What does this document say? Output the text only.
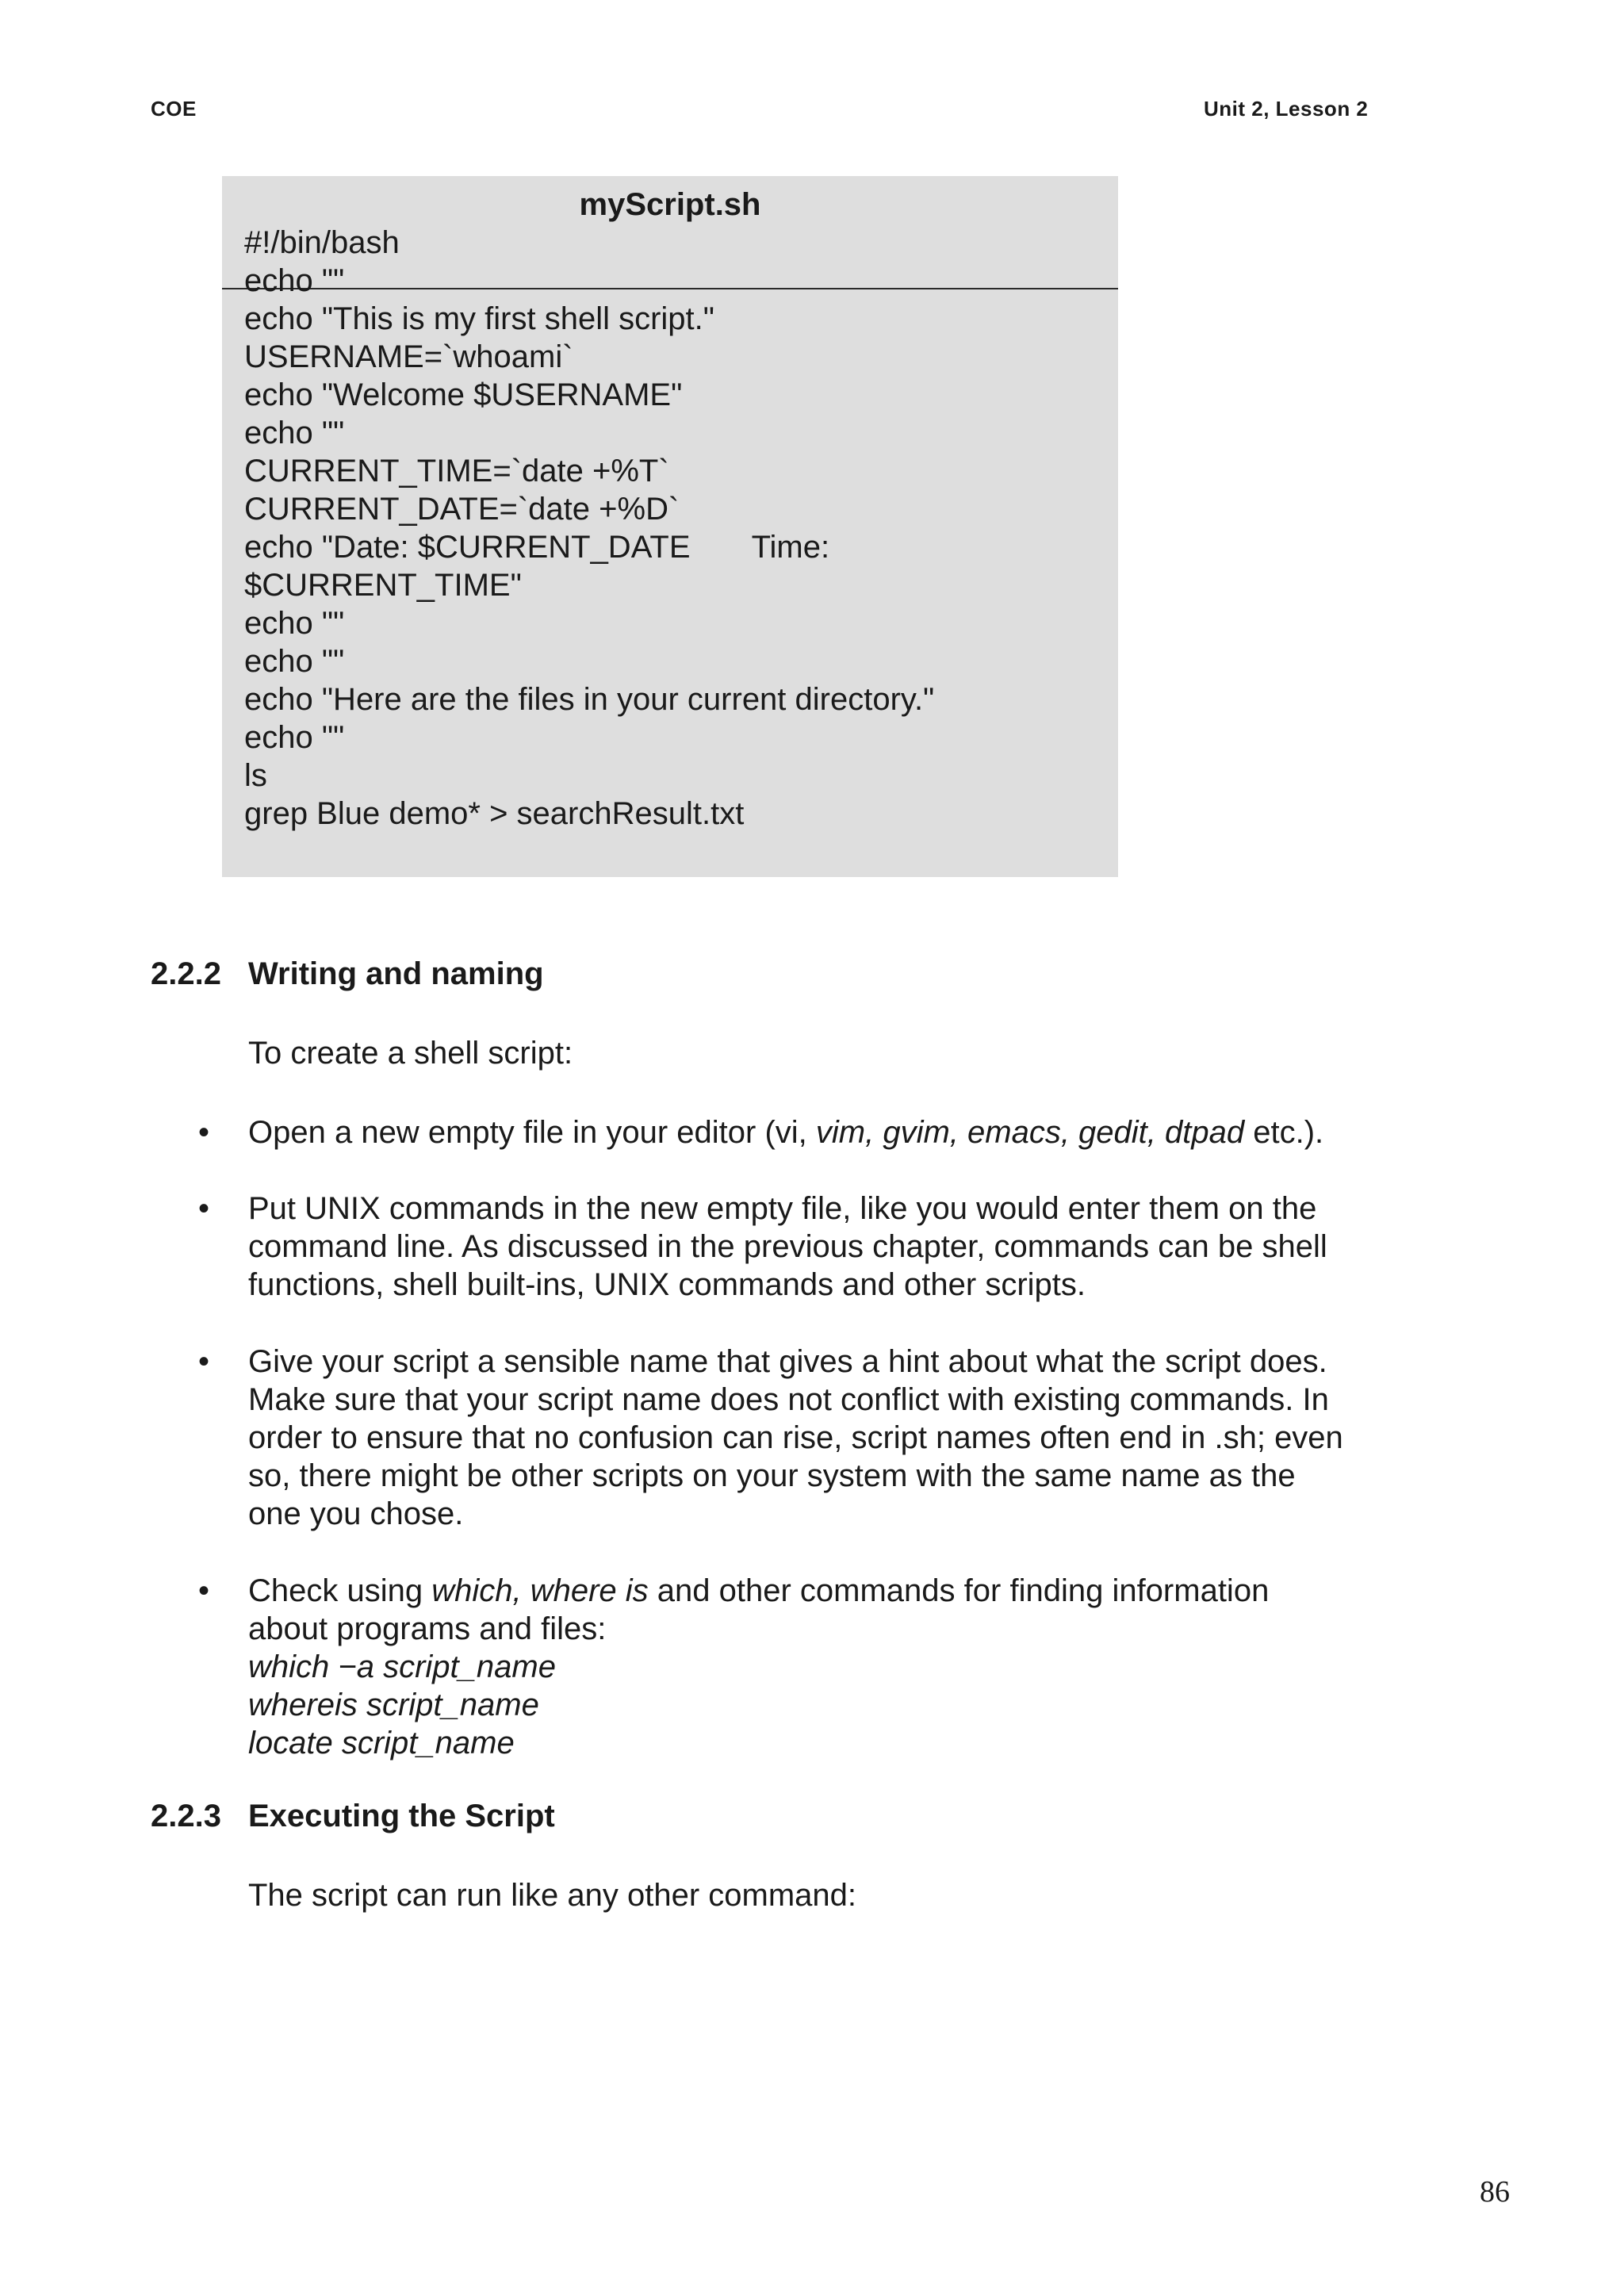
COE	Unit 2, Lesson 2
myScript.sh
#!/bin/bash
echo ""
echo "This is my first shell script."
USERNAME=`whoami`
echo "Welcome $USERNAME"
echo ""
CURRENT_TIME=`date +%T`
CURRENT_DATE=`date +%D`
echo "Date: $CURRENT_DATE       Time:
$CURRENT_TIME"
echo ""
echo ""
echo "Here are the files in your current directory."
echo ""
ls
grep Blue demo* > searchResult.txt
2.2.2 Writing and naming
To create a shell script:
• Open a new empty file in your editor (vi, vim, gvim, emacs, gedit, dtpad etc.).
• Put UNIX commands in the new empty file, like you would enter them on the
command line. As discussed in the previous chapter, commands can be shell
functions, shell built-ins, UNIX commands and other scripts.
• Give your script a sensible name that gives a hint about what the script does.
Make sure that your script name does not conflict with existing commands. In
order to ensure that no confusion can rise, script names often end in .sh; even
so, there might be other scripts on your system with the same name as the
one you chose.
• Check using which, where is and other commands for finding information
about programs and files:
which −a script_name
whereis script_name
locate script_name
2.2.3 Executing the Script
The script can run like any other command:
86
